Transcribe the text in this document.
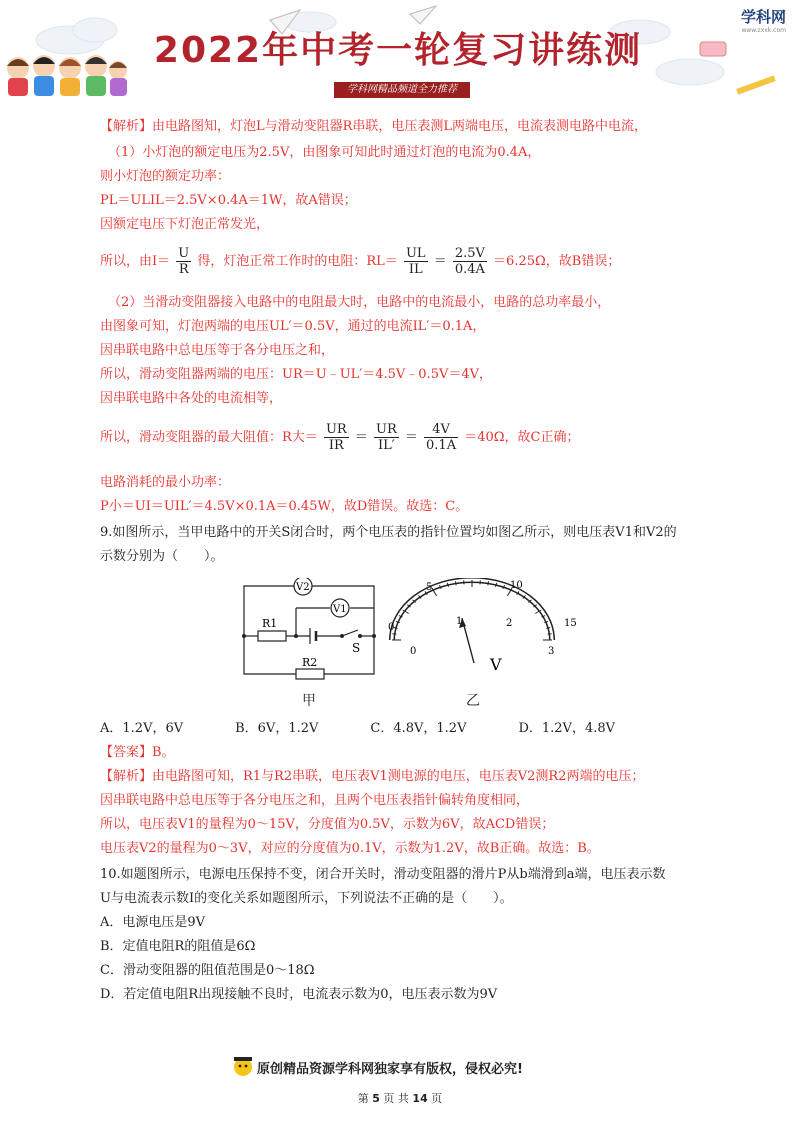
2022年中考一轮复习讲练测
学科网精品频道全力推荐
学科网
www.zxxk.com
【解析】由电路图知，灯泡L与滑动变阻器R串联，电压表测L两端电压，电流表测电路中电流，
（1）小灯泡的额定电压为2.5V，由图象可知此时通过灯泡的电流为0.4A，
则小灯泡的额定功率：
PL＝ULIL＝2.5V×0.4A＝1W，故A错误；
因额定电压下灯泡正常发光，
所以，由$I= \frac{U}{R}$ 得，灯泡正常工作时的电阻：$RL= \frac{UL}{IL} = \frac{2.5V}{0.4A} =6.25\Omega$，故B错误；
（2）当滑动变阻器接入电路中的电阻最大时，电路中的电流最小，电路的总功率最小，
由图象可知，灯泡两端的电压UL′＝0.5V，通过的电流IL′＝0.1A，
因串联电路中总电压等于各分电压之和，
所以，滑动变阻器两端的电压：UR＝U﹣UL′＝4.5V﹣0.5V＝4V，
因串联电路中各处的电流相等，
所以，滑动变阻器的最大阻值：R大＝ $\frac{UR}{IR} = \frac{UR}{IL'} = \frac{4V}{0.1A} =40\Omega$，故C正确；
电路消耗的最小功率：
P小＝UI＝UIL′＝4.5V×0.1A＝0.45W，故D错误。故选：C。
9.如图所示，当甲电路中的开关S闭合时，两个电压表的指针位置均如图乙所示，则电压表V1和V2的
示数分别为（　　）。
A．1.2V，6V　　　　B．6V，1.2V　　　　C．4.8V，1.2V　　　　D．1.2V，4.8V
【答案】B。
【解析】由电路图可知，R1与R2串联，电压表V1测电源的电压，电压表V2测R2两端的电压；
因串联电路中总电压等于各分电压之和，且两个电压表指针偏转角度相同，
所以，电压表V1的量程为0～15V，分度值为0.5V，示数为6V，故ACD错误；
电压表V2的量程为0～3V，对应的分度值为0.1V，示数为1.2V，故B正确。故选：B。
10.如题图所示，电源电压保持不变，闭合开关时，滑动变阻器的滑片P从b端滑到a端，电压表示数
U与电流表示数I的变化关系如题图所示，下列说法不正确的是（　　）。
A．电源电压是9V
B．定值电阻R的阻值是6Ω
C．滑动变阻器的阻值范围是0～18Ω
D．若定值电阻R出现接触不良时，电流表示数为0，电压表示数为9V
V2
V1
R1
R2
S
V
0
5	10
15
0
1	2
3
甲	乙
原创精品资源学科网独家享有版权，侵权必究!
第 5 页 共 14 页
